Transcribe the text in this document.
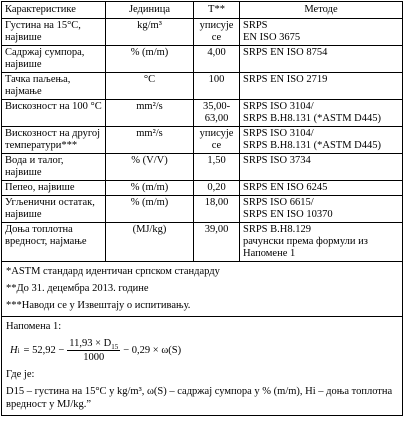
Карактеристике	Јединица	Т**	Методе
Густина на 15°C, највише	kg/m³	уписује се	SRPS
EN ISO 3675
Садржај сумпора, највише	% (m/m)	4,00	SRPS EN ISO 8754
Тачка паљења, најмање	°C	100	SRPS EN ISO 2719
Вискозност на 100 °C	mm²/s	35,00-63,00	SRPS ISO 3104/
SRPS B.H8.131 (*ASTM D445)
Вискозност на другој температури***	mm²/s	уписује се	SRPS ISO 3104/
SRPS B.H8.131 (*ASTM D445)
Вода и талог, највише	% (V/V)	1,50	SRPS ISO 3734
Пепео, највише	% (m/m)	0,20	SRPS EN ISO 6245
Угљенични остатак, највише	% (m/m)	18,00	SRPS ISO 6615/
SRPS EN ISO 10370
Доња топлотна вредност, најмање	(MJ/kg)	39,00	SRPS B.H8.129
рачунски према формули из Напомене 1
*ASTM стандард идентичан српском стандарду
**До 31. децембра 2013. године
***Наводи се у Извештају о испитивању.
Напомена 1:
H $i = 52,92 - \frac{11,93 \times D_{15}}{1000} - 0,29 \times \omega(S)$
Где је:
D15 – густина на 15°C у kg/m³, ω(S) – садржај сумпора у % (m/m), Hi – доња топлотна вредност у MJ/kg.”
